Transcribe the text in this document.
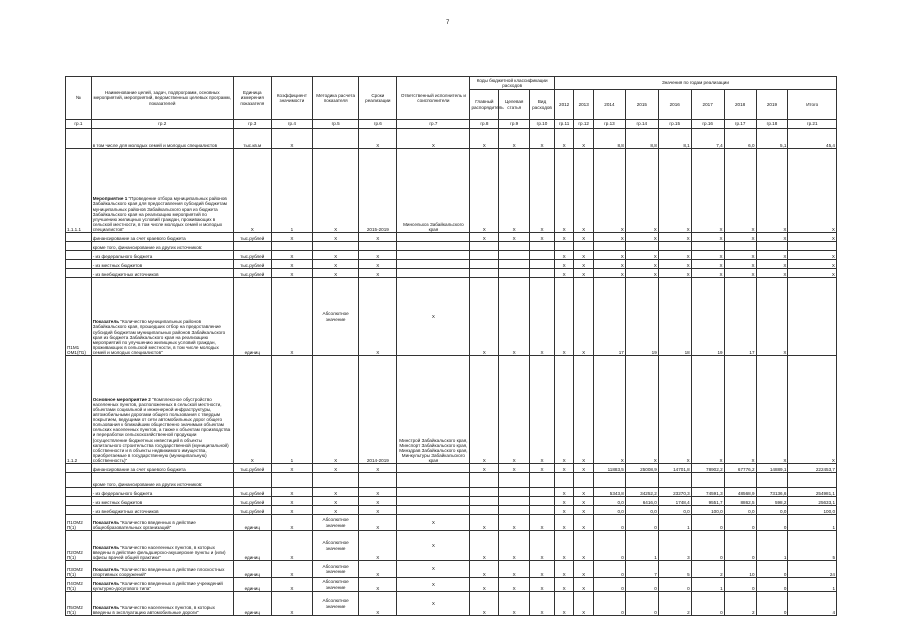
7
№	Наименование целей, задач, подпрограмм, основных мероприятий, мероприятий, ведомственных целевых программ, показателей	Единица измерения показателя	Коэффициент значимости	Методика расчета показателя	Сроки реализации	Ответственный исполнитель и соисполнители	Коды бюджетной классификации расходов			Значения по годам реализации								
							Главный распорядитель	Целевая статья	Вид расходов	2012	2013	2014	2015	2016	2017	2018	2019	Итого
гр.1	гр.2	гр.3	гр.4	гр.5	гр.6	гр.7	гр.8	гр.9	гр.10	гр.11	гр.12	гр.13	гр.14	гр.15	гр.16	гр.17	гр.18	гр.21
	в том числе для молодых семей и молодых специалистов	тыс.кв.м	X		X	X	X	X	X	X	X	8,8	8,8	8,1	7,4	6,0	5,1	45,4
1.1.1.1	Мероприятие 1 "Проведение отбора муниципальных районов Забайкальского края для предоставления субсидий бюджетам муниципальных районов Забайкальского края из бюджета Забайкальского края на реализацию мероприятий по улучшению жилищных условий граждан, проживающих в сельской местности, в том числе молодых семей и молодых специалистов"	X	1	X	2015-2019	Минсельхоз Забайкальского края	X	X	X	X	X	X	X	X	X	X	X	X
	финансирование за счет краевого бюджета	тыс.рублей	X	X	X		X	X	X	X	X	X	X	X	X	X	X	X
	кроме того, финансирование из других источников:																	
	- из федерального бюджета	тыс.рублей	X	X	X					X	X	X	X	X	X	X	X	X
	- из местных бюджетов	тыс.рублей	X	X	X					X	X	X	X	X	X	X	X	X
	- из внебюджетных источников	тыс.рублей	X	X	X					X	X	X	X	X	X	X	X	X
П1М1 ОМ1(П1)	Показатель "Количество муниципальных районов Забайкальского края, прошедших отбор на предоставление субсидий бюджетам муниципальных районов Забайкальского края из бюджета Забайкальского края на реализацию мероприятий по улучшению жилищных условий граждан, проживающих в сельской местности, в том числе молодых семей и молодых специалистов"	единиц	X	Абсолютное значение	X	X	X	X	X	X	X	17	19	18	19	17	X	
1.1.2	Основное мероприятие 2 "Комплексное обустройство населенных пунктов, расположенных в сельской местности, объектами социальной и инженерной инфраструктуры, автомобильными дорогами общего пользования с твердым покрытием, ведущими от сети автомобильных дорог общего пользования к ближайшим общественно значимым объектам сельских населенных пунктов, а также к объектам производства и переработки сельскохозяйственной продукции (осуществление бюджетных инвестиций в объекты капитального строительства государственной (муниципальной) собственности и в объекты недвижимого имущества, приобретаемые в государственную (муниципальную) собственность)"	X	1	X	2014-2019	Минстрой Забайкальского края, Минспорт Забайкальского края, Минздрав Забайкальского края, Минкультуры Забайкальского края	X	X	X	X	X	X	X	X	X	X	X	X
	финансирование за счет краевого бюджета	тыс.рублей	X	X	X		X	X	X	X	X	11883,5	25008,9	14701,8	78902,2	67776,2	14889,1	222453,7
	кроме того, финансирование из других источников:																	
	- из федерального бюджета	тыс.рублей	X	X	X					X	X	5343,8	34252,2	23270,3	74591,3	48568,9	73136,6	254981,1
	- из местных бюджетов	тыс.рублей	X	X	X					X	X	0,0	6416,0	1748,4	9551,7	8862,5	598,2	25633,1
	- из внебюджетных источников	тыс.рублей	X	X	X					X	X	0,0	0,0	0,0	100,0	0,0	0,0	100,0
П1ОМ2 П(1)	Показатель "Количество введенных в действие общеобразовательных организаций"	единиц	X	Абсолютное значение	X	X	X	X	X	X	X	0	0	1	0	0	0	1
П2ОМ2 П(1)	Показатель "Количество населенных пунктов, в которых введены в действие фельдшерско-акушерские пункты и (или) офисы врачей общей практики"	единиц	X	Абсолютное значение	X	X	X	X	X	X	X	0	1	3	0	0	1	5
П3ОМ2 П(1)	Показатель "Количество введенных в действие плоскостных спортивных сооружений"	единиц	X	Абсолютное значение	X	X	X	X	X	X	X	0	7	5	2	10	0	24
П4ОМ2 П(1)	Показатель "Количество введенных в действие учреждений культурно-досугового типа"	единиц	X	Абсолютное значение	X	X	X	X	X	X	X	0	0	0	1	0	0	1
П5ОМ2 П(1)	Показатель "Количество населенных пунктов, в которых введены в эксплуатацию автомобильные дороги"	единиц	X	Абсолютное значение	X	X	X	X	X	X	X	0	0	2	0	2	0	4
